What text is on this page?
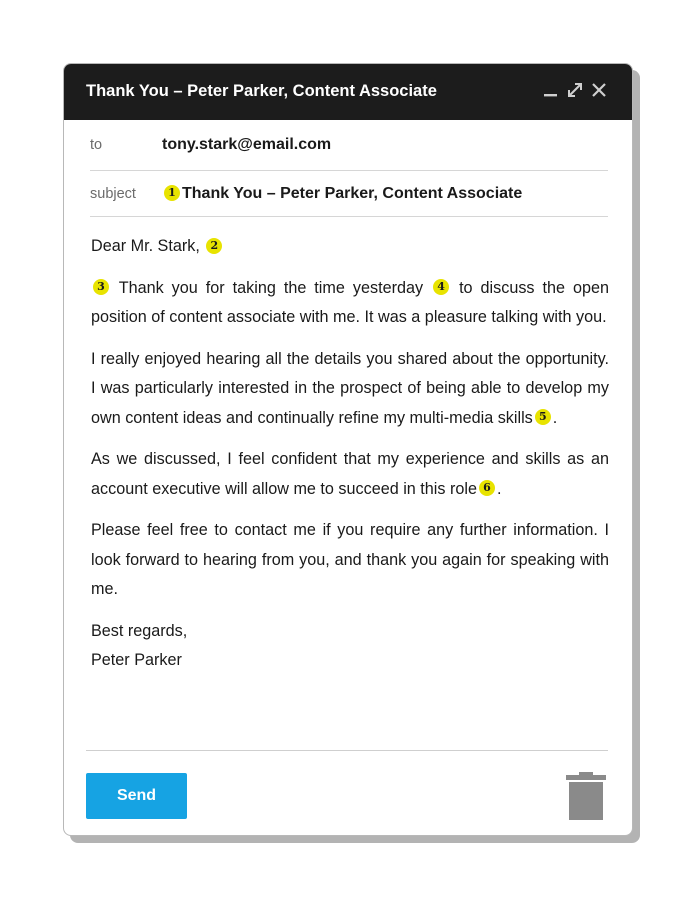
Thank You – Peter Parker, Content Associate
to	tony.stark@email.com
subject	1 Thank You – Peter Parker, Content Associate

Dear Mr. Stark, 2

3 Thank you for taking the time yesterday 4 to discuss the open position of content associate with me. It was a pleasure talking with you.

I really enjoyed hearing all the details you shared about the opportunity. I was particularly interested in the prospect of being able to develop my own content ideas and continually refine my multi-media skills 5 .

As we discussed, I feel confident that my experience and skills as an account executive will allow me to succeed in this role 6 .

Please feel free to contact me if you require any further information. I look forward to hearing from you, and thank you again for speaking with me.

Best regards,
Peter Parker

Send
